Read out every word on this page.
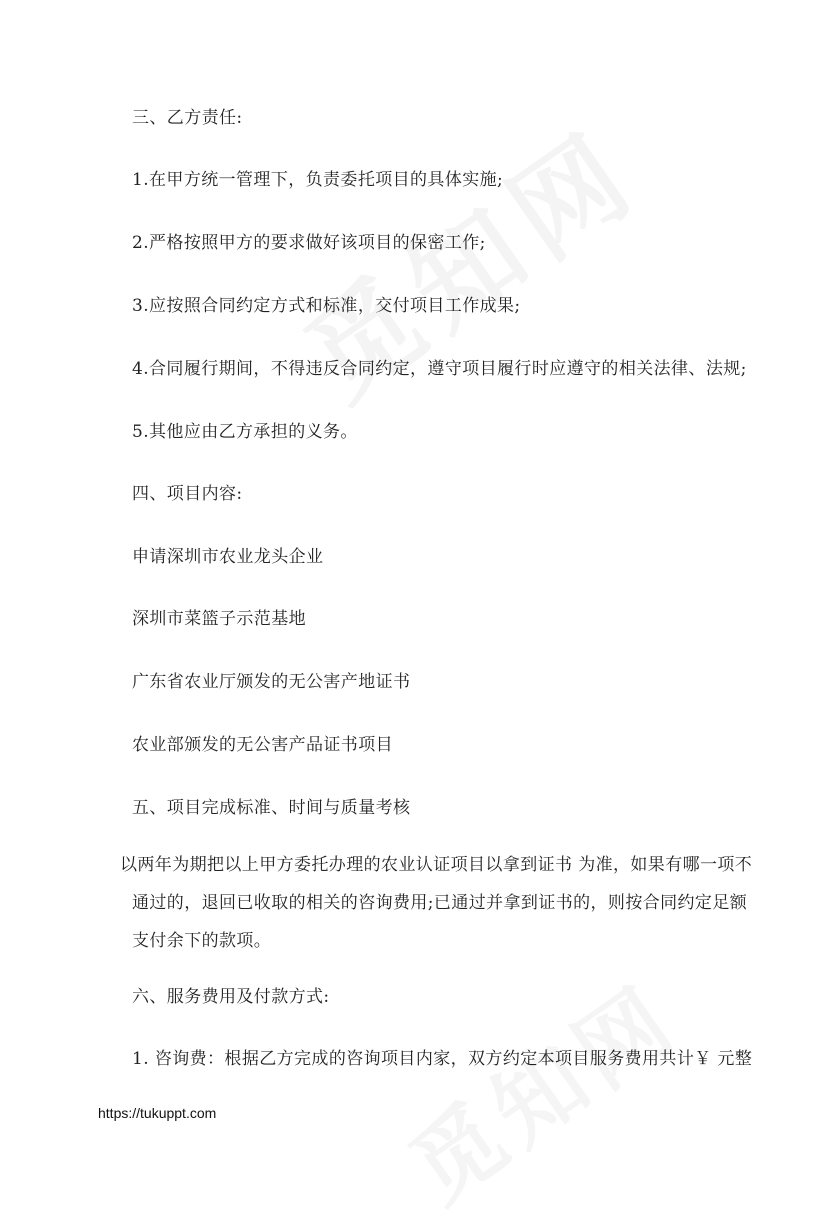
三、乙方责任:
1.在甲方统一管理下，负责委托项目的具体实施;
2.严格按照甲方的要求做好该项目的保密工作;
3.应按照合同约定方式和标准，交付项目工作成果;
4.合同履行期间，不得违反合同约定，遵守项目履行时应遵守的相关法律、法规;
5.其他应由乙方承担的义务。
四、项目内容:
申请深圳市农业龙头企业
深圳市菜篮子示范基地
广东省农业厅颁发的无公害产地证书
农业部颁发的无公害产品证书项目
五、项目完成标准、时间与质量考核
以两年为期把以上甲方委托办理的农业认证项目以拿到证书 为准，如果有哪一项不通过的，退回已收取的相关的咨询费用;已通过并拿到证书的，则按合同约定足额支付余下的款项。
六、服务费用及付款方式:
1. 咨询费：根据乙方完成的咨询项目内家，双方约定本项目服务费用共计￥ 元整
https://tukuppt.com
